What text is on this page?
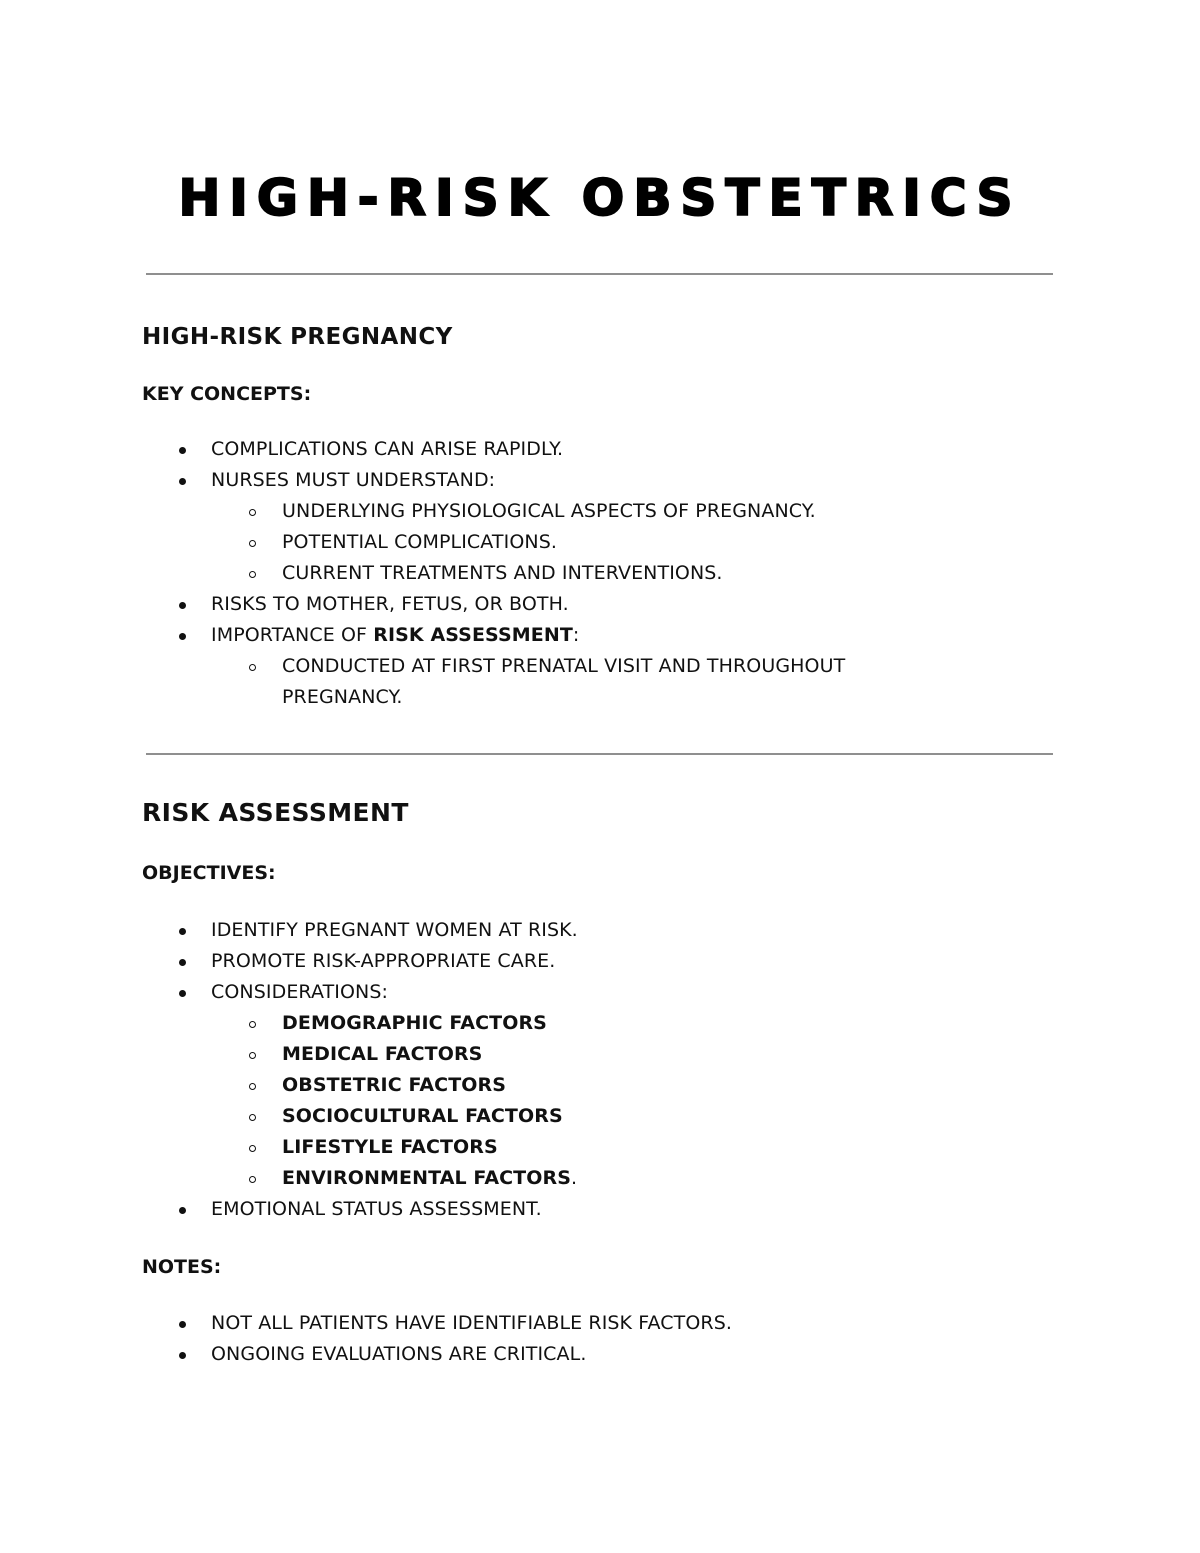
HIGH-RISK OBSTETRICS
HIGH-RISK PREGNANCY

KEY CONCEPTS:

COMPLICATIONS CAN ARISE RAPIDLY.
NURSES MUST UNDERSTAND:
UNDERLYING PHYSIOLOGICAL ASPECTS OF PREGNANCY.
POTENTIAL COMPLICATIONS.
CURRENT TREATMENTS AND INTERVENTIONS.
RISKS TO MOTHER, FETUS, OR BOTH.
IMPORTANCE OF RISK ASSESSMENT:
CONDUCTED AT FIRST PRENATAL VISIT AND THROUGHOUT PREGNANCY.
RISK ASSESSMENT

OBJECTIVES:

IDENTIFY PREGNANT WOMEN AT RISK.
PROMOTE RISK-APPROPRIATE CARE.
CONSIDERATIONS:
DEMOGRAPHIC FACTORS
MEDICAL FACTORS
OBSTETRIC FACTORS
SOCIOCULTURAL FACTORS
LIFESTYLE FACTORS
ENVIRONMENTAL FACTORS.
EMOTIONAL STATUS ASSESSMENT.

NOTES:

NOT ALL PATIENTS HAVE IDENTIFIABLE RISK FACTORS.
ONGOING EVALUATIONS ARE CRITICAL.
